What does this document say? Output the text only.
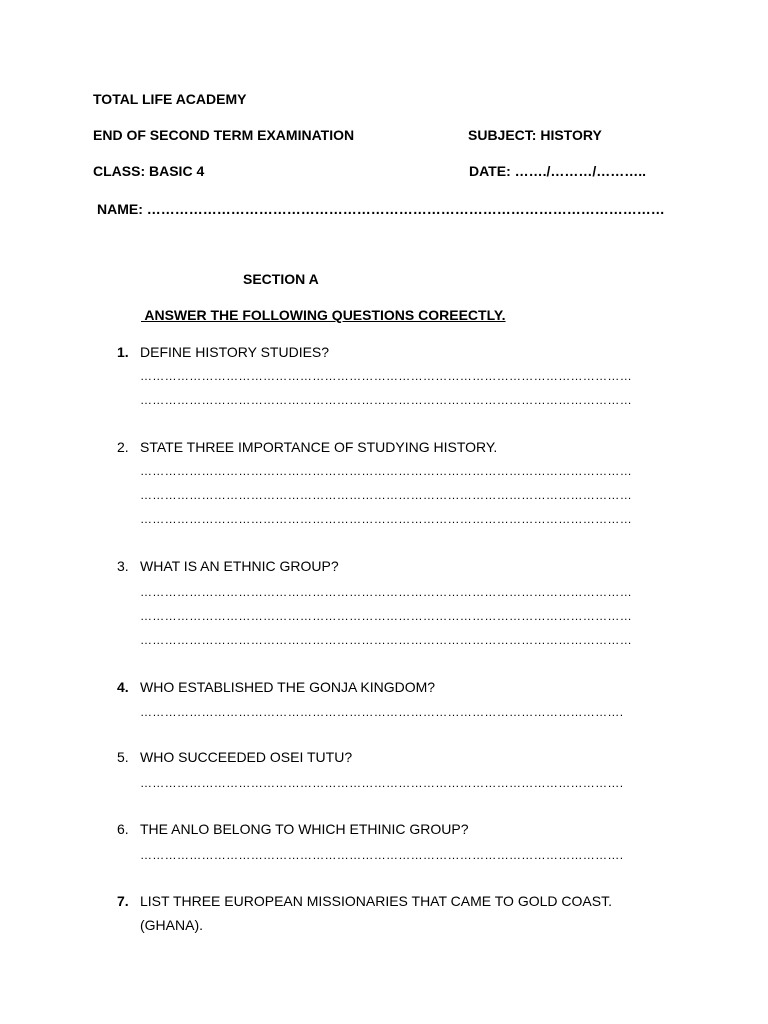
TOTAL LIFE ACADEMY
END OF SECOND TERM EXAMINATION	SUBJECT: HISTORY
CLASS: BASIC 4	DATE: ……./………/………..
NAME: …………………………………………………………………………………………………
SECTION A
ANSWER THE FOLLOWING QUESTIONS COREECTLY.
1. DEFINE HISTORY STUDIES?
…………………………………………………………………………………………………………
…………………………………………………………………………………………………………
2. STATE THREE IMPORTANCE OF STUDYING HISTORY.
…………………………………………………………………………………………………………
…………………………………………………………………………………………………………
…………………………………………………………………………………………………………
3. WHAT IS AN ETHNIC GROUP?
…………………………………………………………………………………………………………
…………………………………………………………………………………………………………
…………………………………………………………………………………………………………
4. WHO ESTABLISHED THE GONJA KINGDOM?
……………………………………………………………………………………………………….
5. WHO SUCCEEDED OSEI TUTU?
……………………………………………………………………………………………………….
6. THE ANLO BELONG TO WHICH ETHINIC GROUP?
……………………………………………………………………………………………………….
7. LIST THREE EUROPEAN MISSIONARIES THAT CAME TO GOLD COAST.
(GHANA).
